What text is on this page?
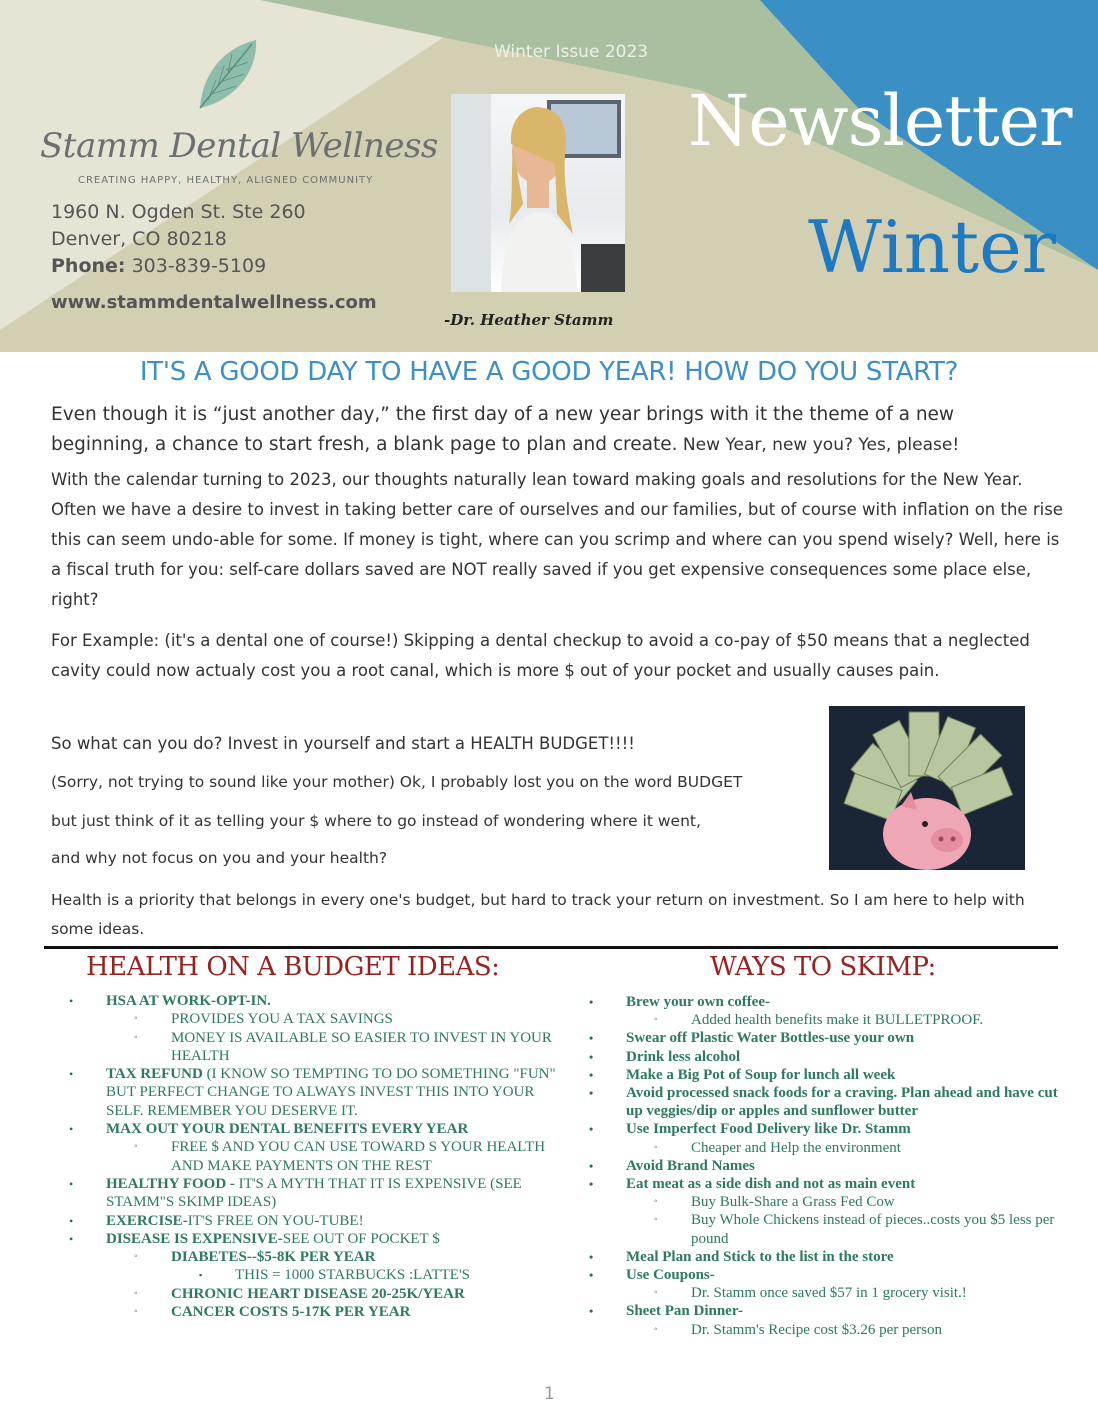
Stamm Dental Wellness
CREATING HAPPY, HEALTHY, ALIGNED COMMUNITY
1960 N. Ogden St. Ste 260
Denver, CO 80218
Phone: 303-839-5109
www.stammdentalwellness.com
Winter Issue 2023
-Dr. Heather Stamm
Newsletter
Winter
IT'S A GOOD DAY TO HAVE A GOOD YEAR! HOW DO YOU START?
Even though it is “just another day,” the first day of a new year brings with it the theme of a new
beginning, a chance to start fresh, a blank page to plan and create. New Year, new you? Yes, please!
With the calendar turning to 2023, our thoughts naturally lean toward making goals and resolutions for the New Year. Often we have a desire to invest in taking better care of ourselves and our families, but of course with inflation on the rise this can seem undo-able for some. If money is tight, where can you scrimp and where can you spend wisely? Well, here is a fiscal truth for you: self-care dollars saved are NOT really saved if you get expensive consequences some place else, right?
For Example: (it's a dental one of course!) Skipping a dental checkup to avoid a co-pay of $50 means that a neglected cavity could now actualy cost you a root canal, which is more $ out of your pocket and usually causes pain.
So what can you do? Invest in yourself and start a HEALTH BUDGET!!!!
(Sorry, not trying to sound like your mother) Ok, I probably lost you on the word BUDGET
but just think of it as telling your $ where to go instead of wondering where it went,
and why not focus on you and your health?
Health is a priority that belongs in every one's budget, but hard to track your return on investment. So I am here to help with some ideas.
HEALTH ON A BUDGET IDEAS:
• HSA AT WORK-OPT-IN.
◦ PROVIDES YOU A TAX SAVINGS
◦ MONEY IS AVAILABLE SO EASIER TO INVEST IN YOUR HEALTH
• TAX REFUND (I KNOW SO TEMPTING TO DO SOMETHING "FUN" BUT PERFECT CHANGE TO ALWAYS INVEST THIS INTO YOUR SELF. REMEMBER YOU DESERVE IT.
• MAX OUT YOUR DENTAL BENEFITS EVERY YEAR
◦ FREE $ AND YOU CAN USE TOWARD S YOUR HEALTH AND MAKE PAYMENTS ON THE REST
• HEALTHY FOOD - IT'S A MYTH THAT IT IS EXPENSIVE (SEE STAMM"S SKIMP IDEAS)
• EXERCISE-IT'S FREE ON YOU-TUBE!
• DISEASE IS EXPENSIVE-SEE OUT OF POCKET $
◦ DIABETES--$5-8K PER YEAR
▪ THIS = 1000 STARBUCKS :LATTE'S
◦ CHRONIC HEART DISEASE 20-25K/YEAR
◦ CANCER COSTS 5-17K PER YEAR
WAYS TO SKIMP:
• Brew your own coffee-
◦ Added health benefits make it BULLETPROOF.
• Swear off Plastic Water Bottles-use your own
• Drink less alcohol
• Make a Big Pot of Soup for lunch all week
• Avoid processed snack foods for a craving. Plan ahead and have cut up veggies/dip or apples and sunflower butter
• Use Imperfect Food Delivery like Dr. Stamm
◦ Cheaper and Help the environment
• Avoid Brand Names
• Eat meat as a side dish and not as main event
◦ Buy Bulk-Share a Grass Fed Cow
◦ Buy Whole Chickens instead of pieces..costs you $5 less per pound
• Meal Plan and Stick to the list in the store
• Use Coupons-
◦ Dr. Stamm once saved $57 in 1 grocery visit.!
• Sheet Pan Dinner-
◦ Dr. Stamm's Recipe cost $3.26 per person
1
